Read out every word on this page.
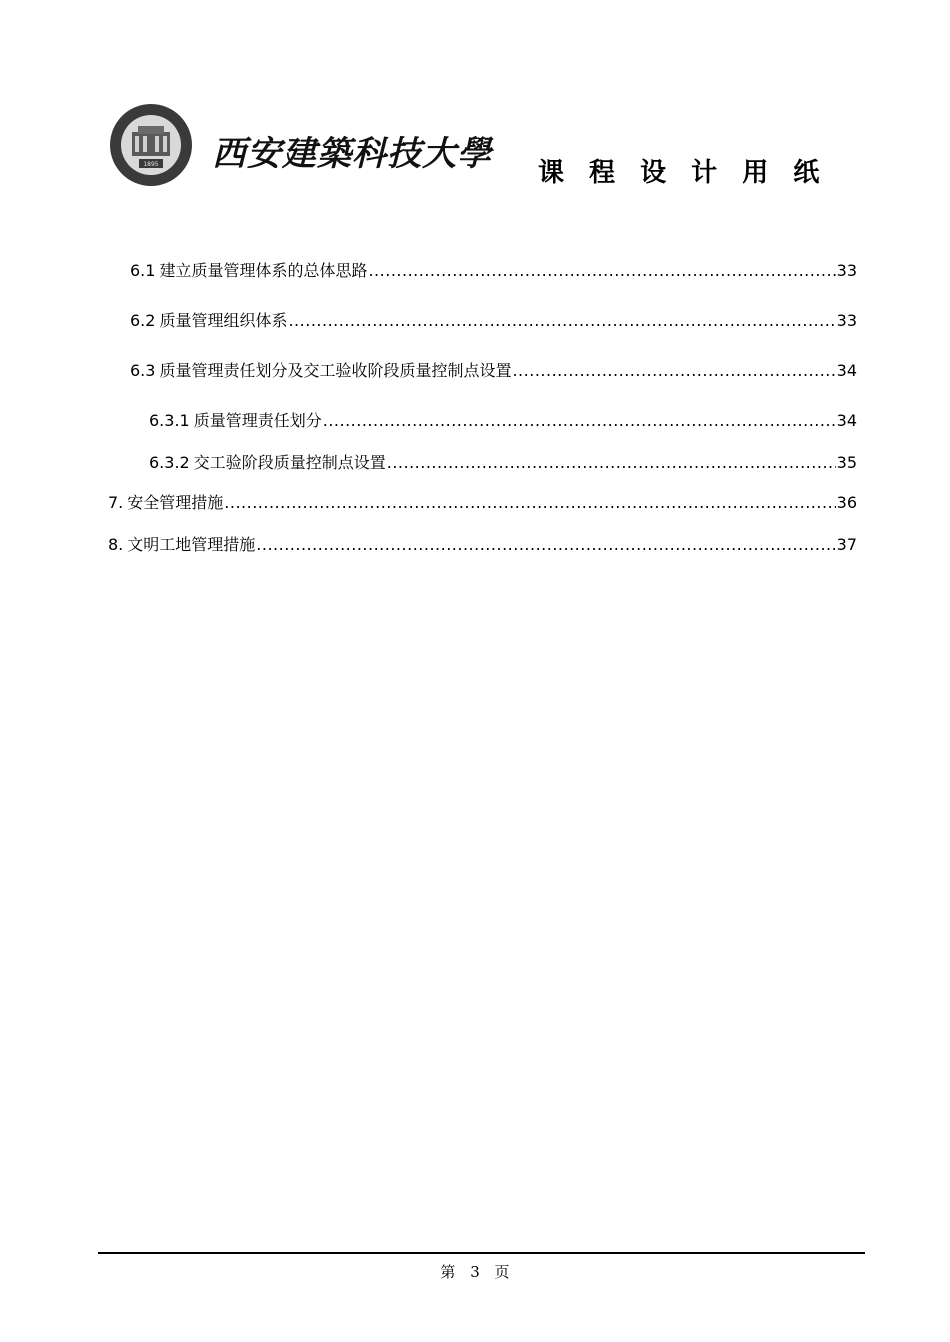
1895 西安建築科技大學 课 程 设 计 用 纸
6.1 建立质量管理体系的总体思路 .....	33
6.2 质量管理组织体系 .....	33
6.3 质量管理责任划分及交工验收阶段质量控制点设置 .....	34
6.3.1 质量管理责任划分 .....	34
6.3.2 交工验阶段质量控制点设置 .....	35
7. 安全管理措施 .....	36
8. 文明工地管理措施 .....	37
第 3 页
